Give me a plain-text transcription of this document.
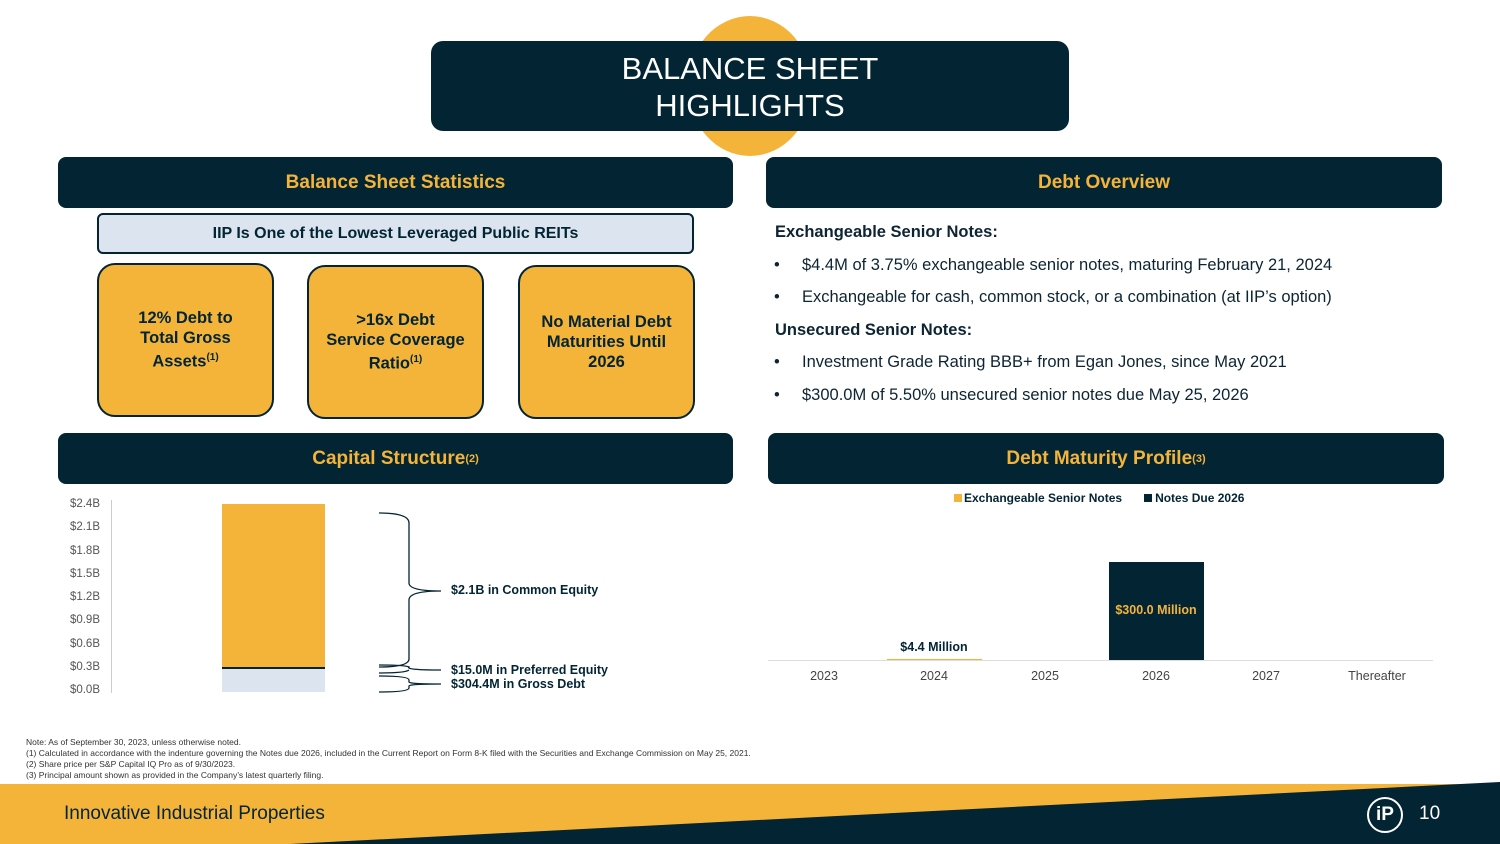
BALANCE SHEET
HIGHLIGHTS
Balance Sheet Statistics
IIP Is One of the Lowest Leveraged Public REITs
12% Debt to
Total Gross
Assets$^{(1)}$
>16x Debt
Service Coverage
Ratio$^{(1)}$
No Material Debt
Maturities Until
2026
Debt Overview

Exchangeable Senior Notes:

• $4.4M of 3.75% exchangeable senior notes, maturing February 21, 2024

• Exchangeable for cash, common stock, or a combination (at IIP’s option)

Unsecured Senior Notes:

• Investment Grade Rating BBB+ from Egan Jones, since May 2021

• $300.0M of 5.50% unsecured senior notes due May 25, 2026

Capital Structure (2)	Debt Maturity Profile (3)
$0.0B
$0.3B
$0.6B
$0.9B
$1.2B
$1.5B
$1.8B
$2.1B
$2.4B
$2.1B in Common Equity
$15.0M in Preferred Equity
$304.4M in Gross Debt
Exchangeable Senior Notes	Notes Due 2026
2023	2024
$4.4 Million
2025	2026
$300.0 Million
2027	Thereafter
Note: As of September 30, 2023, unless otherwise noted.
(1) Calculated in accordance with the indenture governing the Notes due 2026, included in the Current Report on Form 8-K filed with the Securities and Exchange Commission on May 25, 2021.
(2) Share price per S&P Capital IQ Pro as of 9/30/2023.
(3) Principal amount shown as provided in the Company’s latest quarterly filing.
Innovative Industrial Properties	iP 10
